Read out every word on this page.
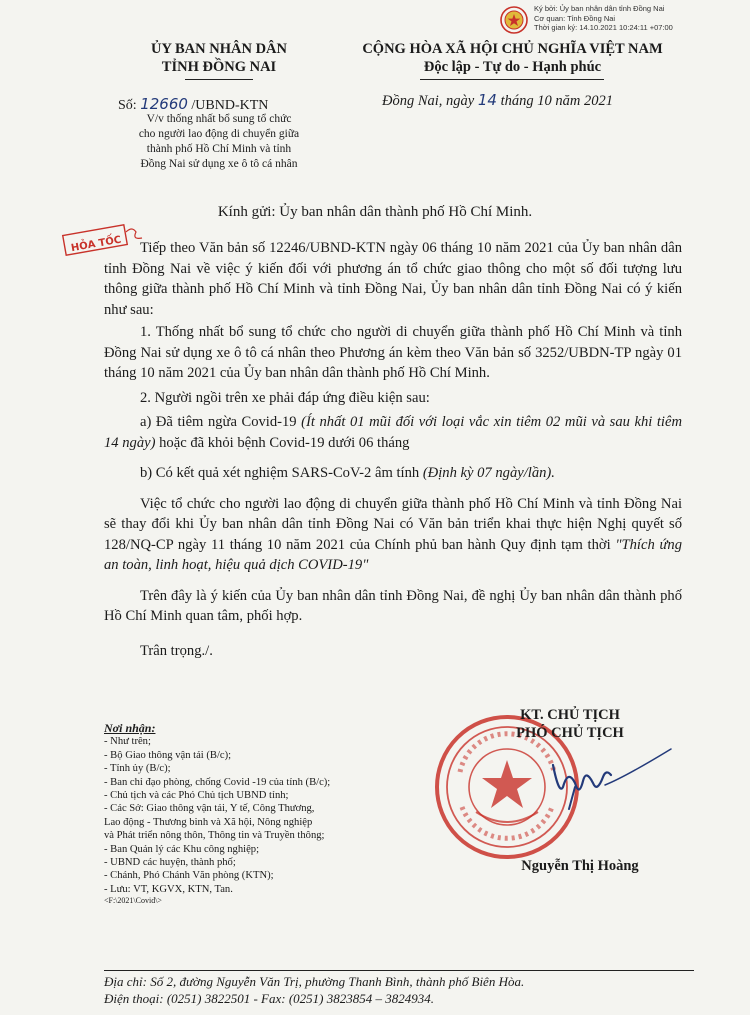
Ký bởi: Ủy ban nhân dân tỉnh Đồng Nai
Cơ quan: Tỉnh Đồng Nai
Thời gian ký: 14.10.2021 10:24:11 +07:00
ỦY BAN NHÂN DÂN
TỈNH ĐỒNG NAI
CỘNG HÒA XÃ HỘI CHỦ NGHĨA VIỆT NAM
Độc lập - Tự do - Hạnh phúc
Số: 12660 /UBND-KTN	Đồng Nai, ngày 14 tháng 10 năm 2021
V/v thống nhất bổ sung tổ chức
cho người lao động di chuyển giữa
thành phố Hồ Chí Minh và tỉnh
Đồng Nai sử dụng xe ô tô cá nhân
Kính gửi: Ủy ban nhân dân thành phố Hồ Chí Minh.
HỎA TỐC	Tiếp theo Văn bản số 12246/UBND-KTN ngày 06 tháng 10 năm 2021 của Ủy ban nhân dân tỉnh Đồng Nai về việc ý kiến đối với phương án tổ chức giao thông cho một số đối tượng lưu thông giữa thành phố Hồ Chí Minh và tỉnh Đồng Nai, Ủy ban nhân dân tỉnh Đồng Nai có ý kiến như sau:

1. Thống nhất bổ sung tổ chức cho người di chuyển giữa thành phố Hồ Chí Minh và tỉnh Đồng Nai sử dụng xe ô tô cá nhân theo Phương án kèm theo Văn bản số 3252/UBDN-TP ngày 01 tháng 10 năm 2021 của Ủy ban nhân dân thành phố Hồ Chí Minh.

2. Người ngồi trên xe phải đáp ứng điều kiện sau:

a) Đã tiêm ngừa Covid-19 (Ít nhất 01 mũi đối với loại vắc xin tiêm 02 mũi và sau khi tiêm 14 ngày) hoặc đã khỏi bệnh Covid-19 dưới 06 tháng

b) Có kết quả xét nghiệm SARS-CoV-2 âm tính (Định kỳ 07 ngày/lần).

Việc tổ chức cho người lao động di chuyển giữa thành phố Hồ Chí Minh và tỉnh Đồng Nai sẽ thay đổi khi Ủy ban nhân dân tỉnh Đồng Nai có Văn bản triển khai thực hiện Nghị quyết số 128/NQ-CP ngày 11 tháng 10 năm 2021 của Chính phủ ban hành Quy định tạm thời "Thích ứng an toàn, linh hoạt, hiệu quả dịch COVID-19"

Trên đây là ý kiến của Ủy ban nhân dân tỉnh Đồng Nai, đề nghị Ủy ban nhân dân thành phố Hồ Chí Minh quan tâm, phối hợp.

Trân trọng./.

Nơi nhận:
- Như trên;
- Bộ Giao thông vận tải (B/c);
- Tỉnh ủy (B/c);
- Ban chỉ đạo phòng, chống Covid -19 của tỉnh (B/c);
- Chủ tịch và các Phó Chủ tịch UBND tỉnh;
- Các Sở: Giao thông vận tải, Y tế, Công Thương,
Lao động - Thương binh và Xã hội, Nông nghiệp
và Phát triển nông thôn, Thông tin và Truyền thông;
- Ban Quản lý các Khu công nghiệp;
- UBND các huyện, thành phố;
- Chánh, Phó Chánh Văn phòng (KTN);
- Lưu: VT, KGVX, KTN, Tan.
<F:\2021\Covid\>
KT. CHỦ TỊCH
PHÓ CHỦ TỊCH
Nguyễn Thị Hoàng
Địa chỉ: Số 2, đường Nguyễn Văn Trị, phường Thanh Bình, thành phố Biên Hòa.
Điện thoại: (0251) 3822501 - Fax: (0251) 3823854 – 3824934.
